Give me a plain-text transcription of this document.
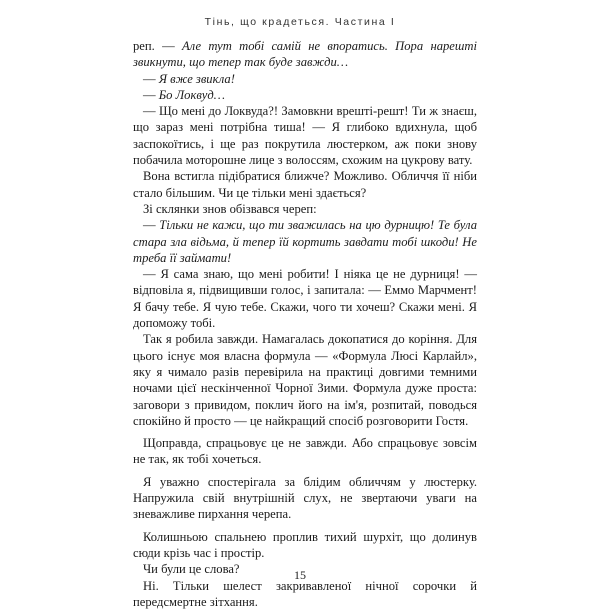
Тінь, що крадеться. Частина І

реп. — Але тут тобі самій не впоратись. Пора нарешті звикнути, що тепер так буде завжди…

— Я вже звикла!

— Бо Локвуд…

— Що мені до Локвуда?! Замовкни врешті-решт! Ти ж знаєш, що зараз мені потрібна тиша! — Я глибоко вдихнула, щоб заспокоїтись, і ще раз покрутила люстерком, аж поки знову побачила моторошне лице з волоссям, схожим на цукрову вату.

Вона встигла підібратися ближче? Можливо. Обличчя її ніби стало більшим. Чи це тільки мені здається?

Зі склянки знов обізвався череп:

— Тільки не кажи, що ти зважилась на цю дурницю! Те була стара зла відьма, й тепер їй кортить завдати тобі шкоди! Не треба її займати!

— Я сама знаю, що мені робити! І ніяка це не дурниця! — відповіла я, підвищивши голос, і запитала: — Еммо Марчмент! Я бачу тебе. Я чую тебе. Скажи, чого ти хочеш? Скажи мені. Я допоможу тобі.

Так я робила завжди. Намагалась докопатися до коріння. Для цього існує моя власна формула — «Формула Люсі Карлайл», яку я чимало разів перевірила на практиці довгими темними ночами цієї нескінченної Чорної Зими. Формула дуже проста: заговори з привидом, поклич його на ім'я, розпитай, поводься спокійно й просто — це найкращий спосіб розговорити Гостя.

Щоправда, спрацьовує це не завжди. Або спрацьовує зовсім не так, як тобі хочеться.

Я уважно спостерігала за блідим обличчям у люстерку. Напружила свій внутрішній слух, не звертаючи уваги на зневажливе пирхання черепа.

Колишньою спальнею проплив тихий шурхіт, що долинув сюди крізь час і простір.

Чи були це слова?

Ні. Тільки шелест закривавленої нічної сорочки й передсмертне зітхання.

15
